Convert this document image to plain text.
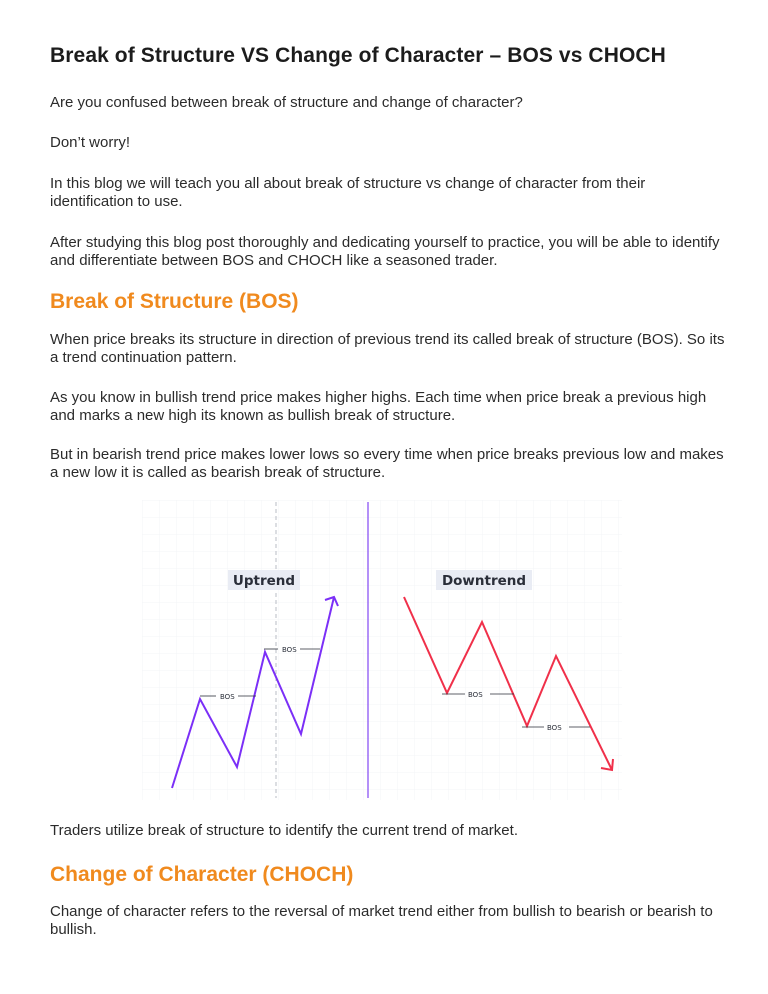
Break of Structure VS Change of Character – BOS vs CHOCH

Are you confused between break of structure and change of character?

Don’t worry!

In this blog we will teach you all about break of structure vs change of character from their identification to use.

After studying this blog post thoroughly and dedicating yourself to practice, you will be able to identify and differentiate between BOS and CHOCH like a seasoned trader.

Break of Structure (BOS)

When price breaks its structure in direction of previous trend its called break of structure (BOS). So its a trend continuation pattern.

As you know in bullish trend price makes higher highs. Each time when price break a previous high and marks a new high its known as bullish break of structure.

But in bearish trend price makes lower lows so every time when price breaks previous low and makes a new low it is called as bearish break of structure.

Traders utilize break of structure to identify the current trend of market.

Change of Character (CHOCH)

Change of character refers to the reversal of market trend either from bullish to bearish or bearish to bullish.

Uptrend	Downtrend
BOS
BOS
BOS
BOS
